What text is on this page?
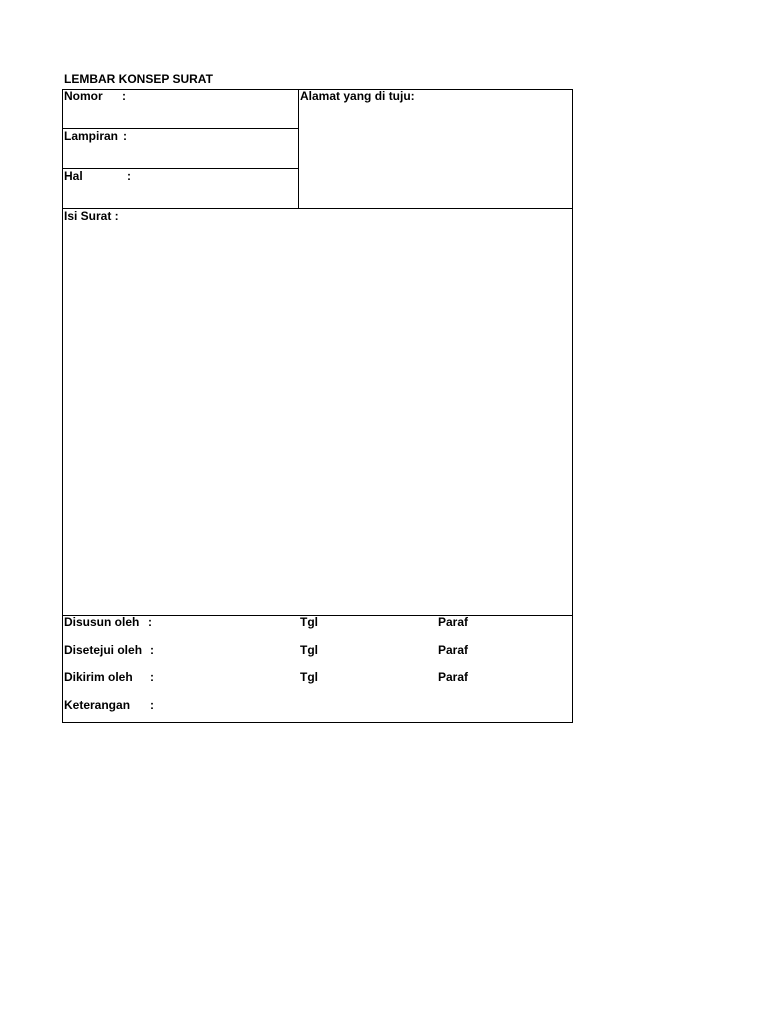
LEMBAR KONSEP SURAT
Nomor :
Lampiran :
Hal	:
Alamat yang di tuju:
Isi Surat :
Disusun oleh :	Tgl	Paraf
Disetejui oleh :	Tgl	Paraf
Dikirim oleh :	Tgl	Paraf
Keterangan :
